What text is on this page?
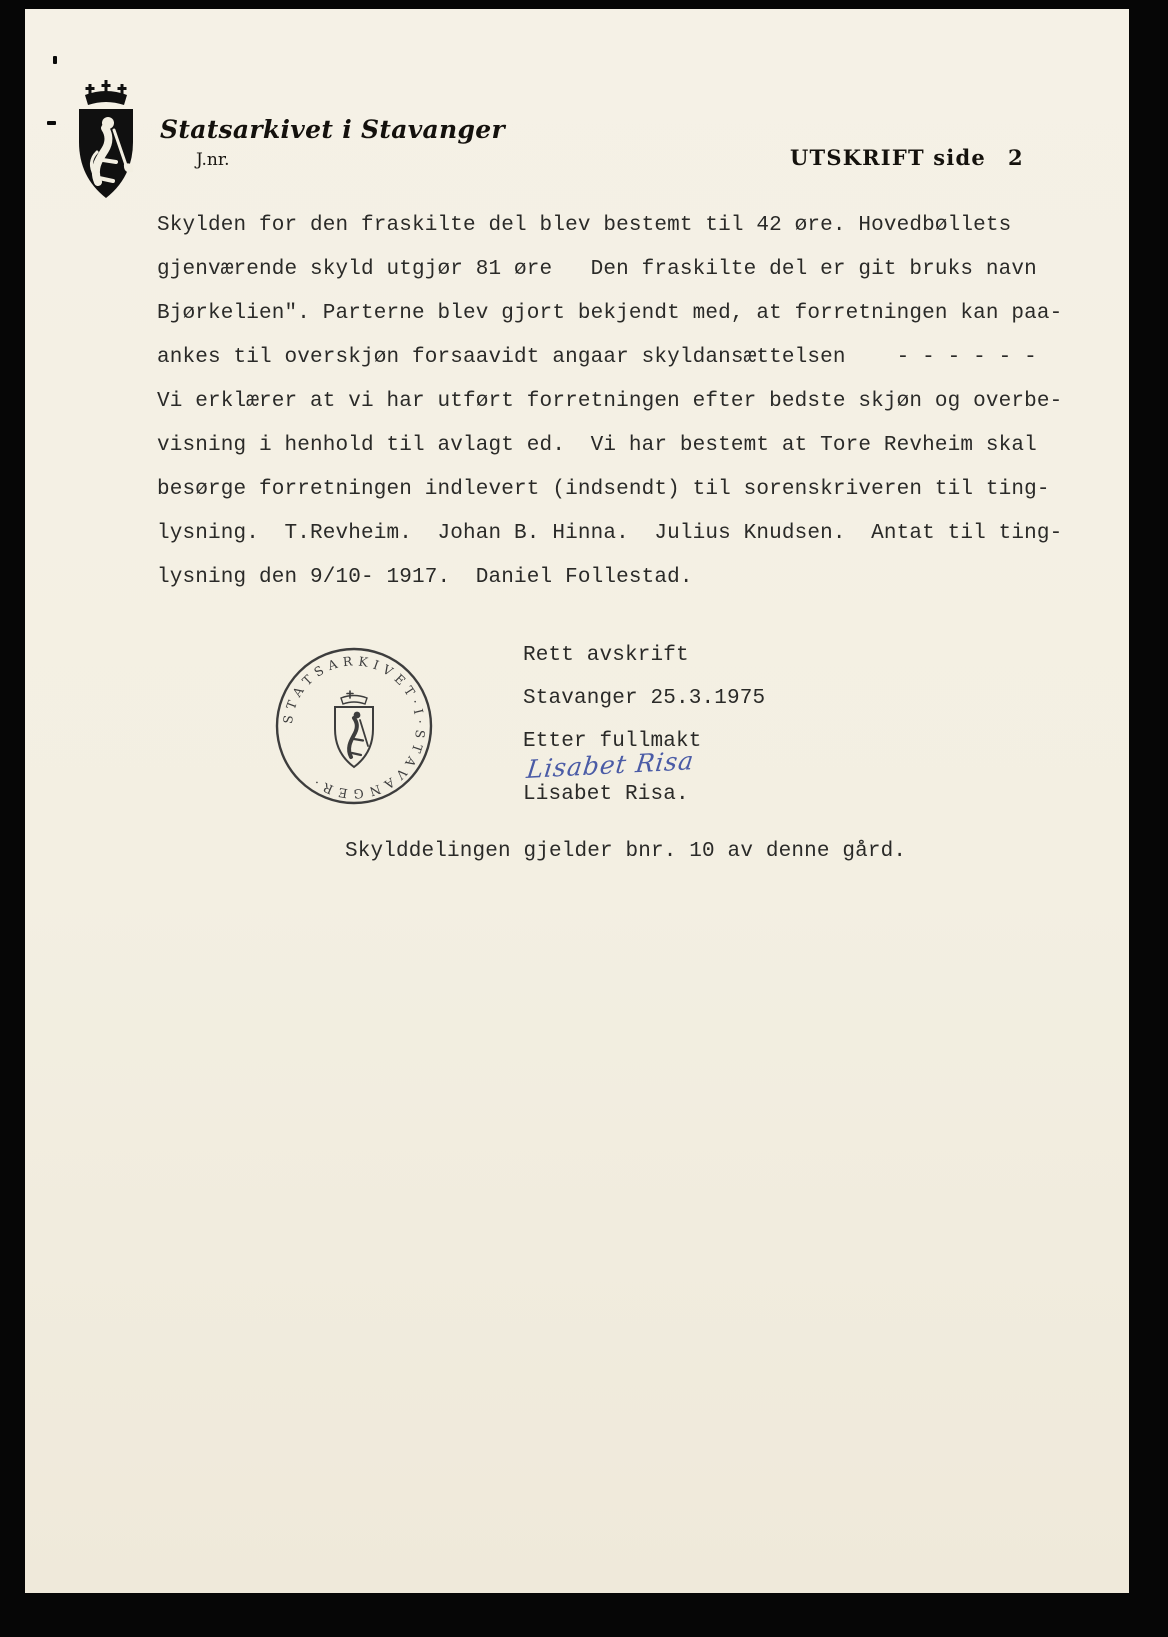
Statsarkivet i Stavanger
J.nr.	UTSKRIFT side 2
Skylden for den fraskilte del blev bestemt til 42 øre. Hovedbøllets
gjenværende skyld utgjør 81 øre   Den fraskilte del er git bruks navn
Bjørkelien". Parterne blev gjort bekjendt med, at forretningen kan paa-
ankes til overskjøn forsaavidt angaar skyldansættelsen    - - - - - -
Vi erklærer at vi har utført forretningen efter bedste skjøn og overbe-
visning i henhold til avlagt ed.  Vi har bestemt at Tore Revheim skal
besørge forretningen indlevert (indsendt) til sorenskriveren til ting-
lysning.  T.Revheim.  Johan B. Hinna.  Julius Knudsen.  Antat til ting-
lysning den 9/10- 1917.  Daniel Follestad.
S T A T S A R K I V E T · I · S T A V A N G E R ·
Rett avskrift
Stavanger 25.3.1975
Etter fullmakt
Lisabet Risa
Lisabet Risa.
Skylddelingen gjelder bnr. 10 av denne gård.
